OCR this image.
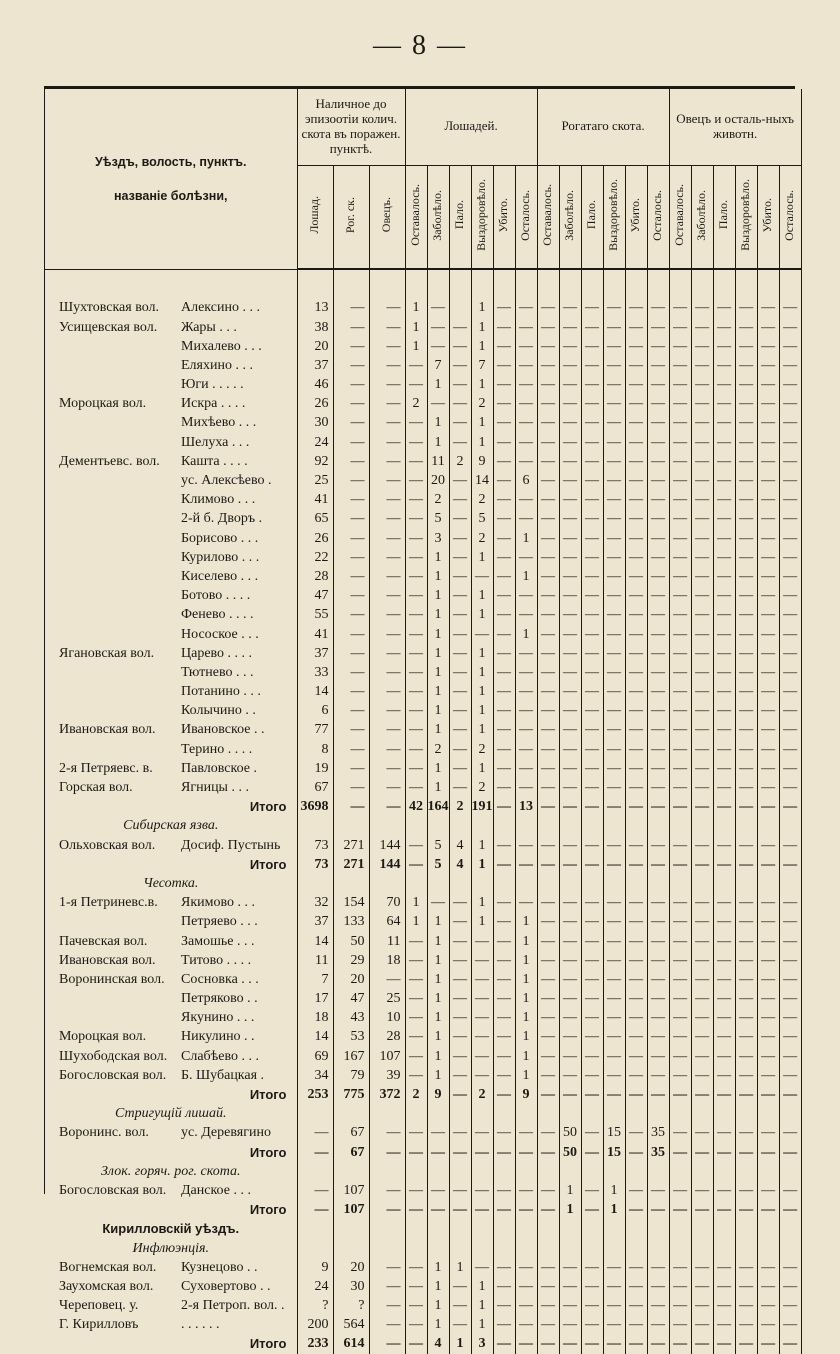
— 8 —
Уѣздъ, волость, пунктъ.
названіе болѣзни,	Наличное до эпизоотіи колич. скота въ поражен. пунктѣ.			Лошадей.						Рогатаго скота.						Овецъ и осталь-ныхъ животн.					
	Лошад.	Рог. ск.	Овецъ.	Оставалось.	Заболѣло.	Пало.	Выздоровѣло.	Убито.	Осталось.	Оставалось.	Заболѣло.	Пало.	Выздоровѣло.	Убито.	Осталось.	Оставалось.	Заболѣло.	Пало.	Выздоровѣло.	Убито.	Осталось.

Шухтовская вол. Алексино . . .	13	—	—	1	—		1	—	—	—	—	—	—	—	—	—	—	—	—	—	—
Усищевская вол. Жары . . .	38	—	—	1	—	—	1	—	—	—	—	—	—	—	—	—	—	—	—	—	—
Михалево . . .	20	—	—	1	—	—	1	—	—	—	—	—	—	—	—	—	—	—	—	—	—
Еляхино . . .	37	—	—	—	7	—	7	—	—	—	—	—	—	—	—	—	—	—	—	—	—
Юги . . . . .	46	—	—	—	1	—	1	—	—	—	—	—	—	—	—	—	—	—	—	—	—
Мороцкая вол. Искра . . . .	26	—	—	2	—	—	2	—	—	—	—	—	—	—	—	—	—	—	—	—	—
Михѣево . . .	30	—	—	—	1	—	1	—	—	—	—	—	—	—	—	—	—	—	—	—	—
Шелуха . . .	24	—	—	—	1	—	1	—	—	—	—	—	—	—	—	—	—	—	—	—	—
Дементьевс. вол. Кашта . . . .	92	—	—	—	11	2	9	—	—	—	—	—	—	—	—	—	—	—	—	—	—
ус. Алексѣево .	25	—	—	—	20	—	14	—	6	—	—	—	—	—	—	—	—	—	—	—	—
Климово . . .	41	—	—	—	2	—	2	—	—	—	—	—	—	—	—	—	—	—	—	—	—
2-й б. Дворъ .	65	—	—	—	5	—	5	—	—	—	—	—	—	—	—	—	—	—	—	—	—
Борисово . . .	26	—	—	—	3	—	2	—	1	—	—	—	—	—	—	—	—	—	—	—	—
Курилово . . .	22	—	—	—	1	—	1	—	—	—	—	—	—	—	—	—	—	—	—	—	—
Киселево . . .	28	—	—	—	1	—	—	—	1	—	—	—	—	—	—	—	—	—	—	—	—
Ботово . . . .	47	—	—	—	1	—	1	—	—	—	—	—	—	—	—	—	—	—	—	—	—
Фенево . . . .	55	—	—	—	1	—	1	—	—	—	—	—	—	—	—	—	—	—	—	—	—
Носоское . . .	41	—	—	—	1	—	—	—	1	—	—	—	—	—	—	—	—	—	—	—	—
Ягановская вол. Царево . . . .	37	—	—	—	1	—	1	—	—	—	—	—	—	—	—	—	—	—	—	—	—
Тютнево . . .	33	—	—	—	1	—	1	—	—	—	—	—	—	—	—	—	—	—	—	—	—
Потанино . . .	14	—	—	—	1	—	1	—	—	—	—	—	—	—	—	—	—	—	—	—	—
Колычино . .	6	—	—	—	1	—	1	—	—	—	—	—	—	—	—	—	—	—	—	—	—
Ивановская вол. Ивановское . .	77	—	—	—	1	—	1	—	—	—	—	—	—	—	—	—	—	—	—	—	—
Терино . . . .	8	—	—	—	2	—	2	—	—	—	—	—	—	—	—	—	—	—	—	—	—
2-я Петряевс. в. Павловское .	19	—	—	—	1	—	1	—	—	—	—	—	—	—	—	—	—	—	—	—	—
Горская вол. Ягницы . . .	67	—	—	—	1	—	2	—	—	—	—	—	—	—	—	—	—	—	—	—	—
Итого	3698	—	—	42	164	2	191	—	13	—	—	—	—	—	—	—	—	—	—	—	—
Сибирская язва.																					
Ольховская вол. Досиф. Пустынь	73	271	144	—	5	4	1	—	—	—	—	—	—	—	—	—	—	—	—	—	—
Итого	73	271	144	—	5	4	1	—	—	—	—	—	—	—	—	—	—	—	—	—	—
Чесотка.																					
1-я Петриневс.в. Якимово . . .	32	154	70	1	—	—	1	—	—	—	—	—	—	—	—	—	—	—	—	—	—
Петряево . . .	37	133	64	1	1	—	1	—	1	—	—	—	—	—	—	—	—	—	—	—	—
Пачевская вол. Замошье . . .	14	50	11	—	1	—	—	—	1	—	—	—	—	—	—	—	—	—	—	—	—
Ивановская вол. Титово . . . .	11	29	18	—	1	—	—	—	1	—	—	—	—	—	—	—	—	—	—	—	—
Воронинская вол. Сосновка . . .	7	20	—	—	1	—	—	—	1	—	—	—	—	—	—	—	—	—	—	—	—
Петряково . .	17	47	25	—	1	—	—	—	1	—	—	—	—	—	—	—	—	—	—	—	—
Якунино . . .	18	43	10	—	1	—	—	—	1	—	—	—	—	—	—	—	—	—	—	—	—
Мороцкая вол. Никулино . .	14	53	28	—	1	—	—	—	1	—	—	—	—	—	—	—	—	—	—	—	—
Шухободская вол. Слабѣево . . .	69	167	107	—	1	—	—	—	1	—	—	—	—	—	—	—	—	—	—	—	—
Богословская вол. Б. Шубацкая .	34	79	39	—	1	—	—	—	1	—	—	—	—	—	—	—	—	—	—	—	—
Итого	253	775	372	2	9	—	2	—	9	—	—	—	—	—	—	—	—	—	—	—	—
Стригущій лишай.																					
Воронинс. вол. ус. Деревягино	—	67	—	—	—	—	—	—	—	—	50	—	15	—	35	—	—	—	—	—	—
Итого	—	67	—	—	—	—	—	—	—	—	50	—	15	—	35	—	—	—	—	—	—
Злок. горяч. рог. скота.																					
Богословская вол. Данское . . .	—	107	—	—	—	—	—	—	—	—	1	—	1	—	—	—	—	—	—	—	—
Итого	—	107	—	—	—	—	—	—	—	—	1	—	1	—	—	—	—	—	—	—	—
Кирилловскій уѣздъ.																					
Инфлюэнція.																					
Вогнемская вол. Кузнецово . .	9	20	—	—	1	1	—	—	—	—	—	—	—	—	—	—	—	—	—	—	—
Заухомская вол. Суховертово . .	24	30	—	—	1	—	1	—	—	—	—	—	—	—	—	—	—	—	—	—	—
Череповец. у. 2-я Петроп. вол. .	?	?	—	—	1	—	1	—	—	—	—	—	—	—	—	—	—	—	—	—	—
Г. Кирилловъ . . . . . .	200	564	—	—	1	—	1	—	—	—	—	—	—	—	—	—	—	—	—	—	—
Итого	233	614	—	—	4	1	3	—	—	—	—	—	—	—	—	—	—	—	—	—	—
